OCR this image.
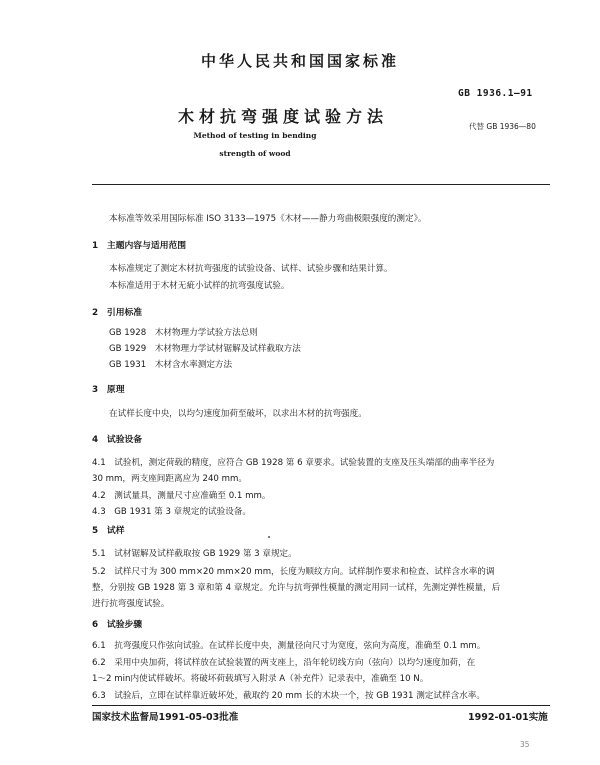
中华人民共和国国家标准
GB 1936.1—91
木材抗弯强度试验方法
代替 GB 1936—80
Method of testing in bending
strength of wood
本标准等效采用国际标准 ISO 3133—1975《木材——静力弯曲极限强度的测定》。
1　主题内容与适用范围
本标准规定了测定木材抗弯强度的试验设备、试样、试验步骤和结果计算。
本标准适用于木材无疵小试样的抗弯强度试验。
2　引用标准
GB 1928　木材物理力学试验方法总则
GB 1929　木材物理力学试材锯解及试样截取方法
GB 1931　木材含水率测定方法
3　原理
在试样长度中央，以均匀速度加荷至破坏，以求出木材的抗弯强度。
4　试验设备
4.1　试验机，测定荷载的精度，应符合 GB 1928 第 6 章要求。试验装置的支座及压头端部的曲率半径为
30 mm，两支座间距离应为 240 mm。
4.2　测试量具，测量尺寸应准确至 0.1 mm。
4.3　GB 1931 第 3 章规定的试验设备。
5　试样
5.1　试材锯解及试样截取按 GB 1929 第 3 章规定。
5.2　试样尺寸为 300 mm×20 mm×20 mm，长度为顺纹方向。试样制作要求和检查、试样含水率的调
整，分别按 GB 1928 第 3 章和第 4 章规定。允许与抗弯弹性模量的测定用同一试样，先测定弹性模量，后
进行抗弯强度试验。
6　试验步骤
6.1　抗弯强度只作弦向试验。在试样长度中央，测量径向尺寸为宽度，弦向为高度，准确至 0.1 mm。
6.2　采用中央加荷，将试样放在试验装置的两支座上，沿年轮切线方向（弦向）以均匀速度加荷，在
1～2 min内使试样破坏。将破坏荷载填写入附录 A（补充件）记录表中，准确至 10 N。
6.3　试验后，立即在试样靠近破坏处，截取约 20 mm 长的木块一个，按 GB 1931 测定试样含水率。
国家技术监督局1991-05-03批准	1992-01-01实施
35
